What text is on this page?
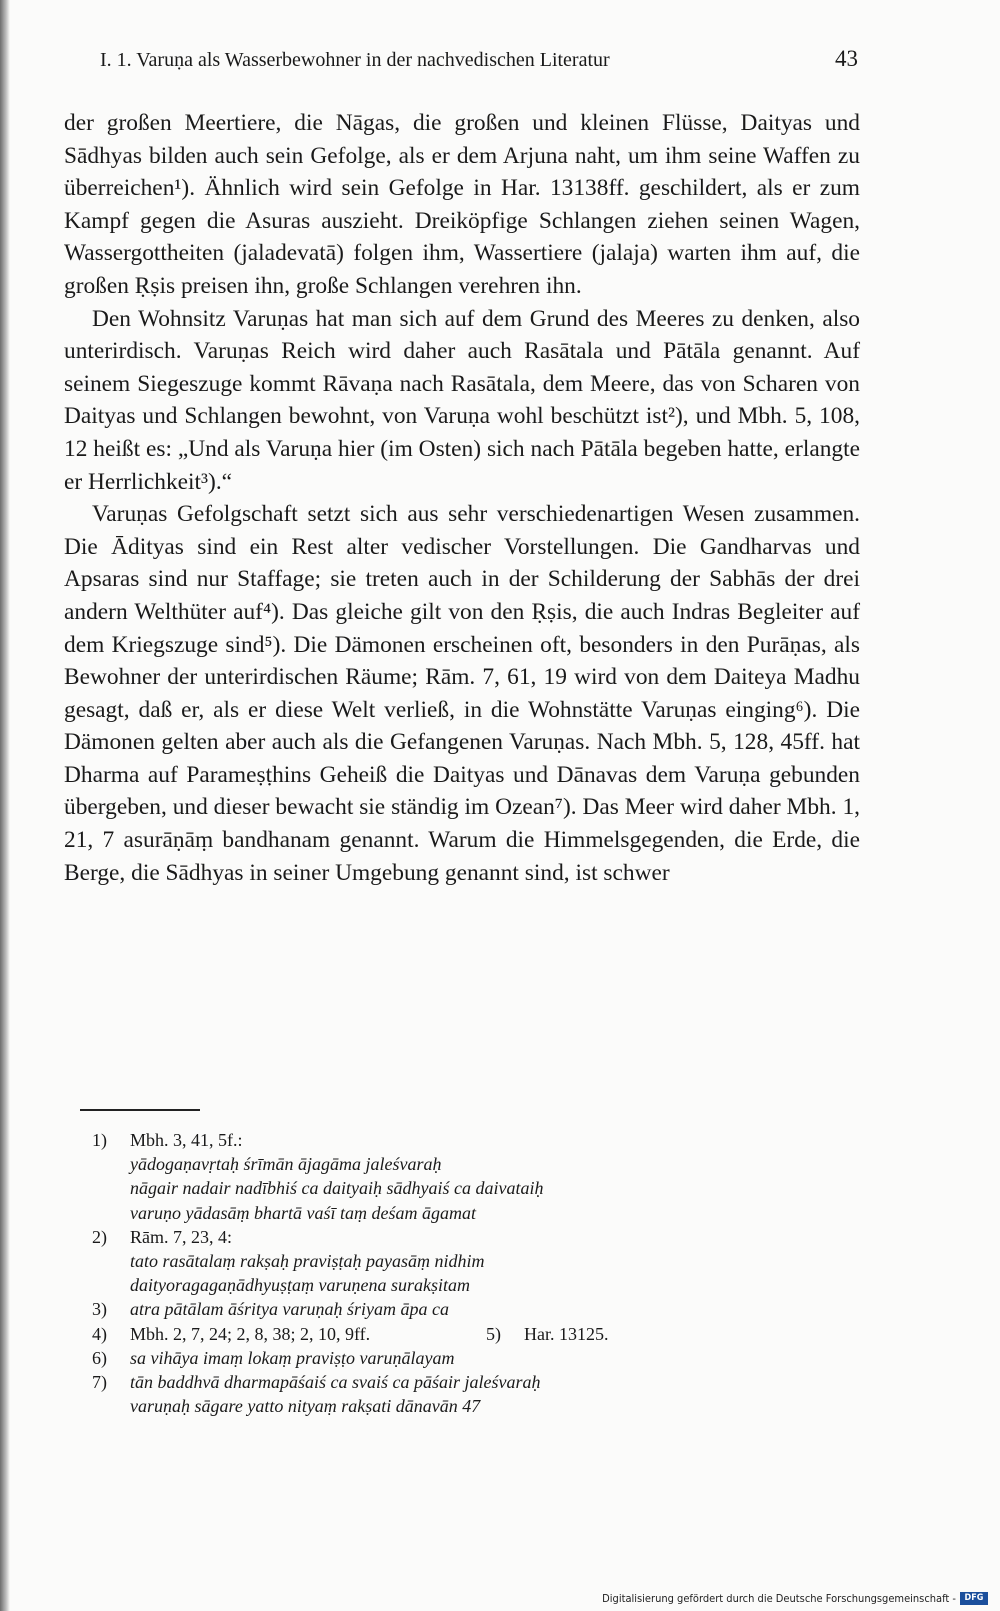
I. 1. Varuṇa als Wasserbewohner in der nachvedischen Literatur	43

der großen Meertiere, die Nāgas, die großen und kleinen Flüsse, Daityas und Sādhyas bilden auch sein Gefolge, als er dem Arjuna naht, um ihm seine Waffen zu überreichen¹). Ähnlich wird sein Gefolge in Har. 13138ff. geschildert, als er zum Kampf gegen die Asuras auszieht. Dreiköpfige Schlangen ziehen seinen Wagen, Wassergottheiten (jaladevatā) folgen ihm, Wassertiere (jalaja) warten ihm auf, die großen Ṛṣis preisen ihn, große Schlangen verehren ihn.

Den Wohnsitz Varuṇas hat man sich auf dem Grund des Meeres zu denken, also unterirdisch. Varuṇas Reich wird daher auch Rasātala und Pātāla genannt. Auf seinem Siegeszuge kommt Rāvaṇa nach Rasātala, dem Meere, das von Scharen von Daityas und Schlangen bewohnt, von Varuṇa wohl beschützt ist²), und Mbh. 5, 108, 12 heißt es: „Und als Varuṇa hier (im Osten) sich nach Pātāla begeben hatte, erlangte er Herrlichkeit³).“

Varuṇas Gefolgschaft setzt sich aus sehr verschiedenartigen Wesen zusammen. Die Ādityas sind ein Rest alter vedischer Vorstellungen. Die Gandharvas und Apsaras sind nur Staffage; sie treten auch in der Schilderung der Sabhās der drei andern Welthüter auf⁴). Das gleiche gilt von den Ṛṣis, die auch Indras Begleiter auf dem Kriegszuge sind⁵). Die Dämonen erscheinen oft, besonders in den Purāṇas, als Bewohner der unterirdischen Räume; Rām. 7, 61, 19 wird von dem Daiteya Madhu gesagt, daß er, als er diese Welt verließ, in die Wohnstätte Varuṇas einging⁶). Die Dämonen gelten aber auch als die Gefangenen Varuṇas. Nach Mbh. 5, 128, 45ff. hat Dharma auf Parameṣṭhins Geheiß die Daityas und Dānavas dem Varuṇa gebunden übergeben, und dieser bewacht sie ständig im Ozean⁷). Das Meer wird daher Mbh. 1, 21, 7 asurāṇāṃ bandhanam genannt. Warum die Himmelsgegenden, die Erde, die Berge, die Sādhyas in seiner Umgebung genannt sind, ist schwer

1)	Mbh. 3, 41, 5f.:
yādogaṇavṛtaḥ śrīmān ājagāma jaleśvaraḥ
nāgair nadair nadībhiś ca daityaiḥ sādhyaiś ca daivataiḥ
varuṇo yādasāṃ bhartā vaśī taṃ deśam āgamat
2)	Rām. 7, 23, 4:
tato rasātalaṃ rakṣaḥ praviṣṭaḥ payasāṃ nidhim
daityoragagaṇādhyuṣṭaṃ varuṇena surakṣitam
3)	atra pātālam āśritya varuṇaḥ śriyam āpa ca
4)	Mbh. 2, 7, 24; 2, 8, 38; 2, 10, 9ff.	5)	Har. 13125.
6)	sa vihāya imaṃ lokaṃ praviṣṭo varuṇālayam
7)	tān baddhvā dharmapāśaiś ca svaiś ca pāśair jaleśvaraḥ
varuṇaḥ sāgare yatto nityaṃ rakṣati dānavān 47
Digitalisierung gefördert durch die Deutsche Forschungsgemeinschaft - DFG
